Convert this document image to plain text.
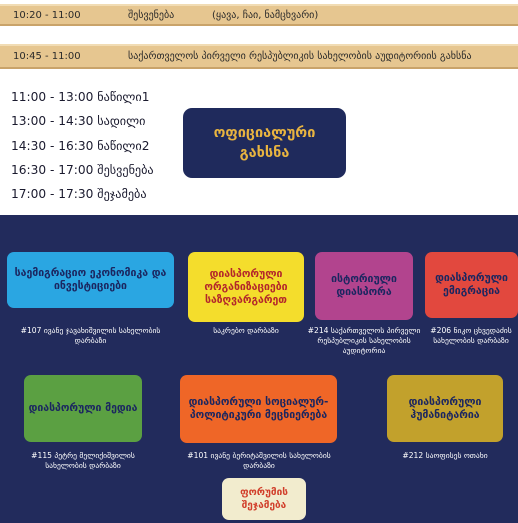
10:20 - 11:00	შესვენება	(ყავა, ჩაი, ნამცხვარი)
10:45 - 11:00	საქართველოს პირველი რესპუბლიკის სახელობის აუდიტორიის გახსნა
11:00 - 13:00 ნაწილი1
13:00 - 14:30 სადილი
14:30 - 16:30 ნაწილი2
16:30 - 17:00 შესვენება
17:00 - 17:30 შეჯამება
ოფიციალური
გახსნა
საემიგრაციო ეკონომიკა და ინვესტიციები
#107 ივანე ჯავახიშვილის სახელობის დარბაზი
დიასპორული ორგანიზაციები საზღვარგარეთ
საკრებო დარბაზი
ისტორიული დიასპორა
#214 საქართველოს პირველი რესპუბლიკის სახელობის აუდიტორია
დიასპორული ემიგრაცია
#206 ნიკო ცხვედაძის სახელობის დარბაზი
დიასპორული მედია
#115 პეტრე მელიქიშვილის სახელობის დარბაზი
დიასპორული სოციალურ-პოლიტიკური მეცნიერება
#101 ივანე ბერიტაშვილის სახელობის დარბაზი
დიასპორული ჰუმანიტარია
#212 საოფისეს ოთახი
ფორუმის შეჯამება
